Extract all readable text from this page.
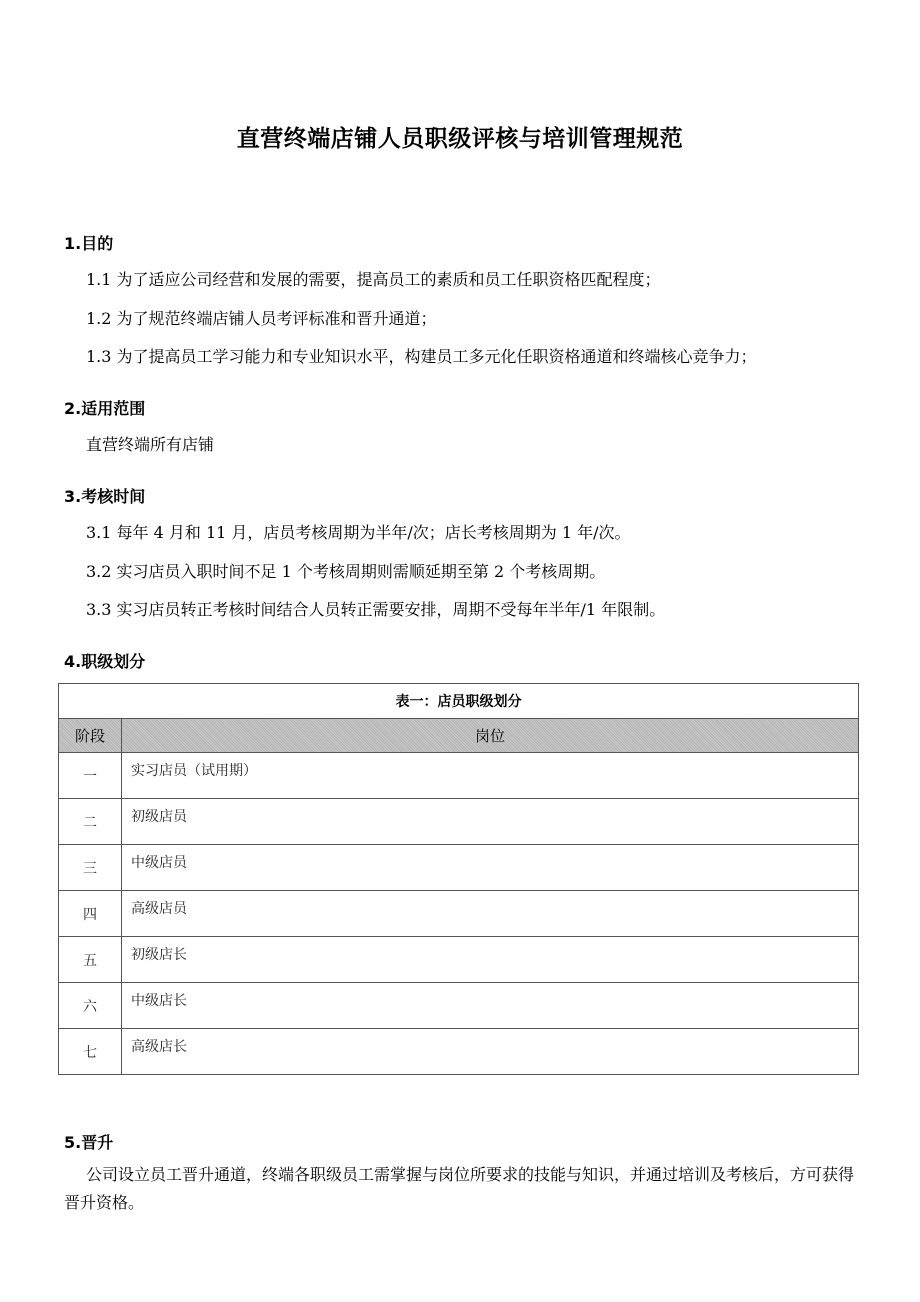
直营终端店铺人员职级评核与培训管理规范
1.目的
1.1 为了适应公司经营和发展的需要，提高员工的素质和员工任职资格匹配程度；
1.2 为了规范终端店铺人员考评标准和晋升通道；
1.3 为了提高员工学习能力和专业知识水平，构建员工多元化任职资格通道和终端核心竞争力；
2.适用范围
直营终端所有店铺
3.考核时间
3.1 每年 4 月和 11 月，店员考核周期为半年/次；店长考核周期为 1 年/次。
3.2 实习店员入职时间不足 1 个考核周期则需顺延期至第 2 个考核周期。
3.3 实习店员转正考核时间结合人员转正需要安排，周期不受每年半年/1 年限制。
4.职级划分
表一：店员职级划分	
阶段	岗位
一	实习店员（试用期）
二	初级店员
三	中级店员
四	高级店员
五	初级店长
六	中级店长
七	高级店长
5.晋升
公司设立员工晋升通道，终端各职级员工需掌握与岗位所要求的技能与知识，并通过培训及考核后，方可获得晋升资格。
